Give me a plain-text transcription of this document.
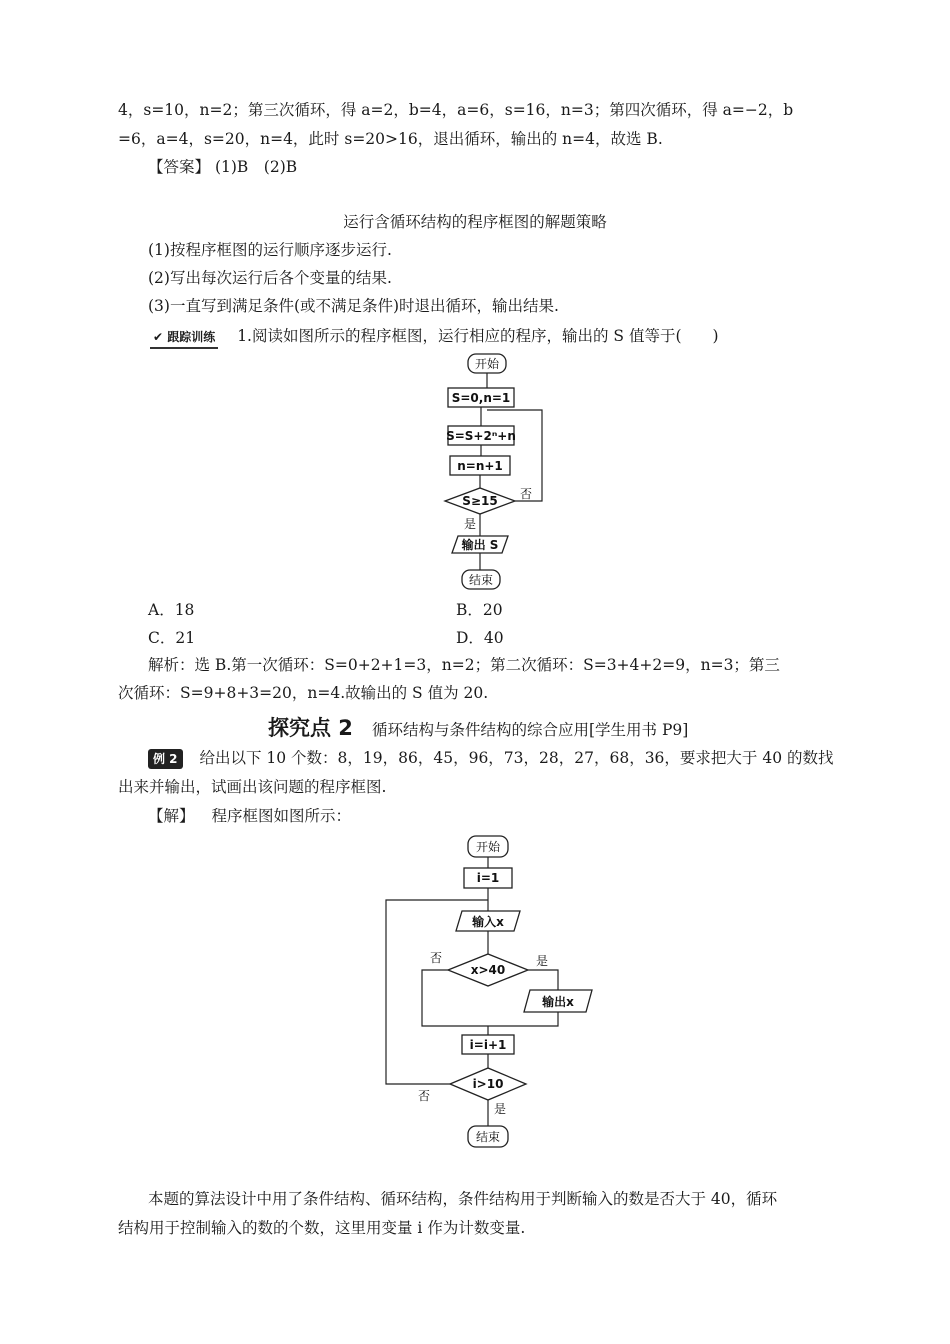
4，s=10，n=2；第三次循环，得 a=2，b=4，a=6，s=16，n=3；第四次循环，得 a=−2，b
=6，a=4，s=20，n=4，此时 s=20>16，退出循环，输出的 n=4，故选 B.
【答案】 (1)B　(2)B
运行含循环结构的程序框图的解题策略
(1)按程序框图的运行顺序逐步运行.
(2)写出每次运行后各个变量的结果.
(3)一直写到满足条件(或不满足条件)时退出循环，输出结果.
✔ 跟踪训练 1.阅读如图所示的程序框图，运行相应的程序，输出的 S 值等于(　　)
开始
S=0,n=1
S=S+2ⁿ+n
n=n+1
S≥15 否
是
输出 S
结束
A．18	B．20
C．21	D．40
解析：选 B.第一次循环：S=0+2+1=3，n=2；第二次循环：S=3+4+2=9，n=3；第三
次循环：S=9+8+3=20，n=4.故输出的 S 值为 20.
探究点 2 循环结构与条件结构的综合应用[学生用书 P9]
例 2 给出以下 10 个数：8，19，86，45，96，73，28，27，68，36，要求把大于 40 的数找
出来并输出，试画出该问题的程序框图.
【解】 程序框图如图所示：
开始
i=1
输入x
x>40
否	是
输出x
i=i+1
i>10
否
是
结束
本题的算法设计中用了条件结构、循环结构，条件结构用于判断输入的数是否大于 40，循环
结构用于控制输入的数的个数，这里用变量 i 作为计数变量.
